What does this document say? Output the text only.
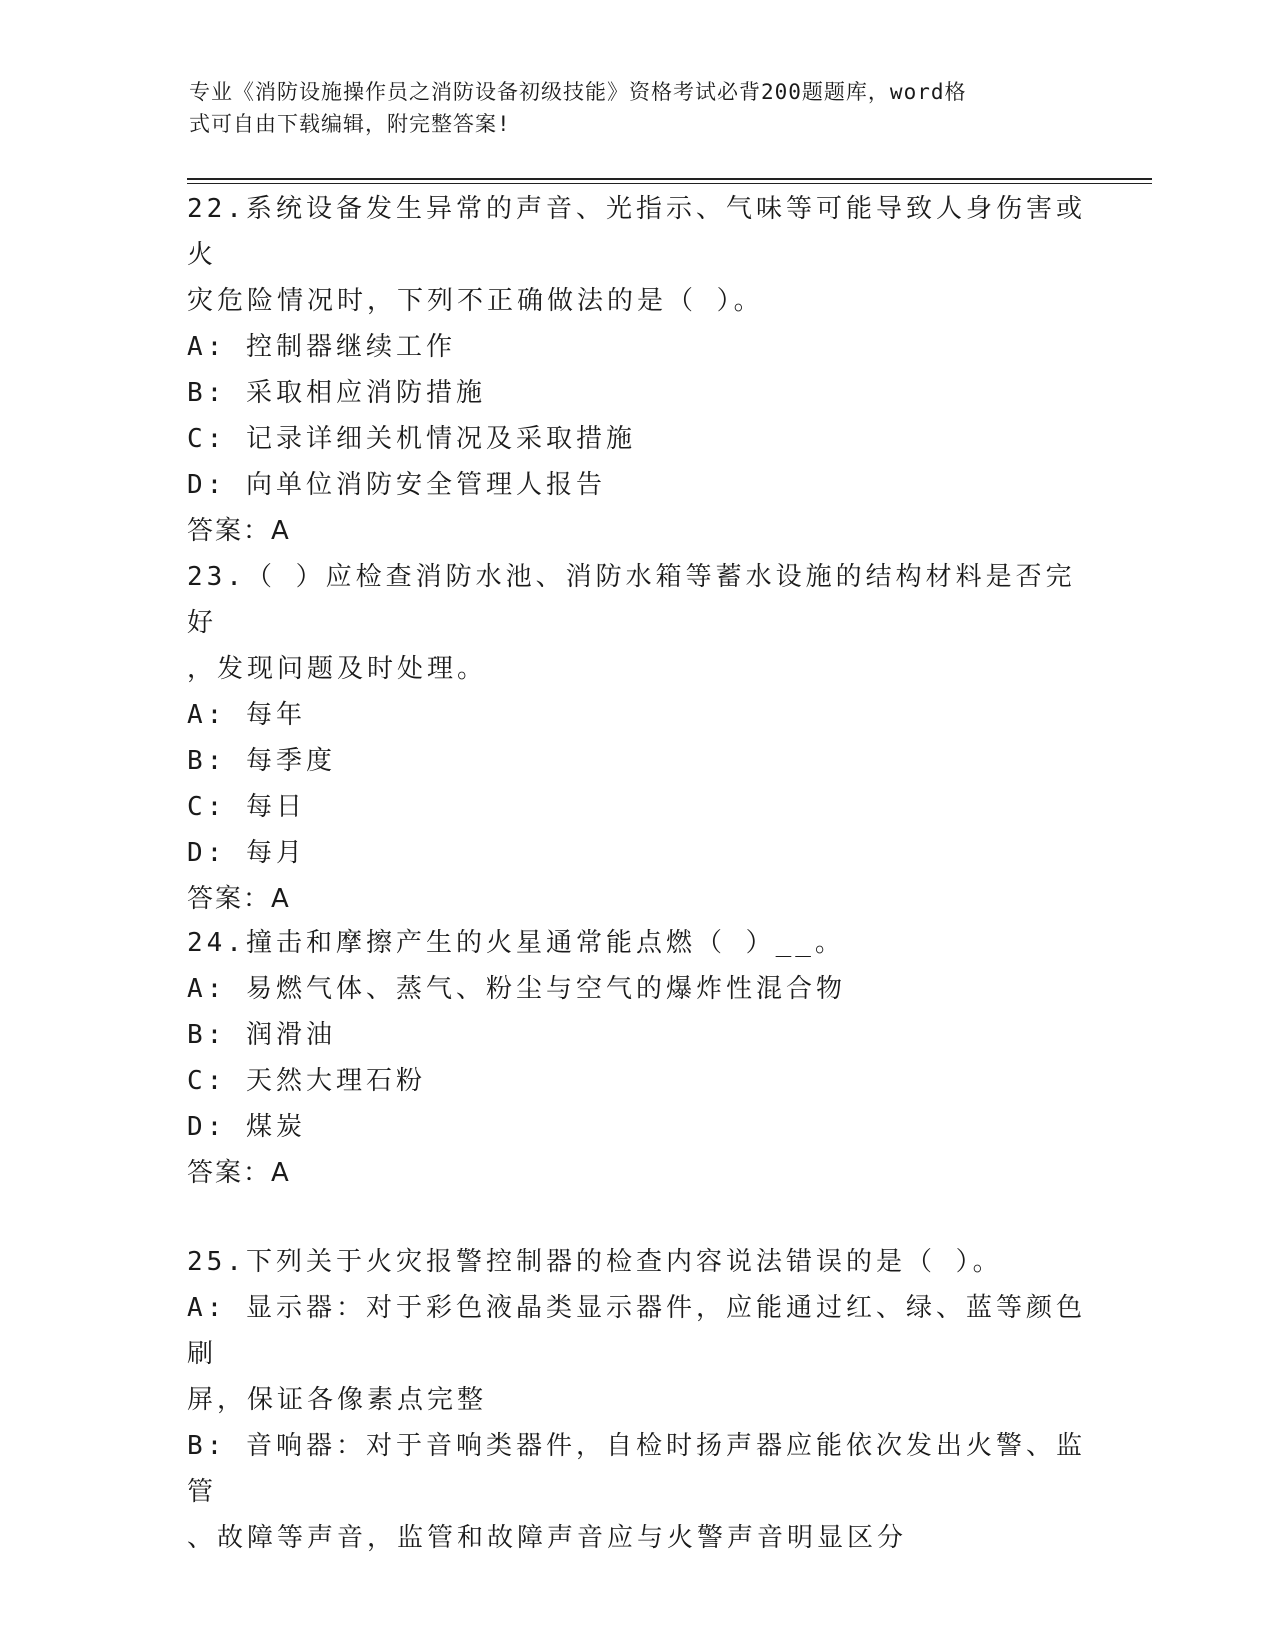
专业《消防设施操作员之消防设备初级技能》资格考试必背200题题库，word格
式可自由下载编辑，附完整答案!
22.系统设备发生异常的声音、光指示、气味等可能导致人身伤害或火
灾危险情况时，下列不正确做法的是（ ）。
A: 控制器继续工作
B: 采取相应消防措施
C: 记录详细关机情况及采取措施
D: 向单位消防安全管理人报告
答案：A
23.（ ）应检查消防水池、消防水箱等蓄水设施的结构材料是否完好
，发现问题及时处理。
A: 每年
B: 每季度
C: 每日
D: 每月
答案：A
24.撞击和摩擦产生的火星通常能点燃（ ）__。
A: 易燃气体、蒸气、粉尘与空气的爆炸性混合物
B: 润滑油
C: 天然大理石粉
D: 煤炭
答案：A
25.下列关于火灾报警控制器的检查内容说法错误的是（ ）。
A: 显示器：对于彩色液晶类显示器件，应能通过红、绿、蓝等颜色刷
屏，保证各像素点完整
B: 音响器：对于音响类器件，自检时扬声器应能依次发出火警、监管
、故障等声音，监管和故障声音应与火警声音明显区分
